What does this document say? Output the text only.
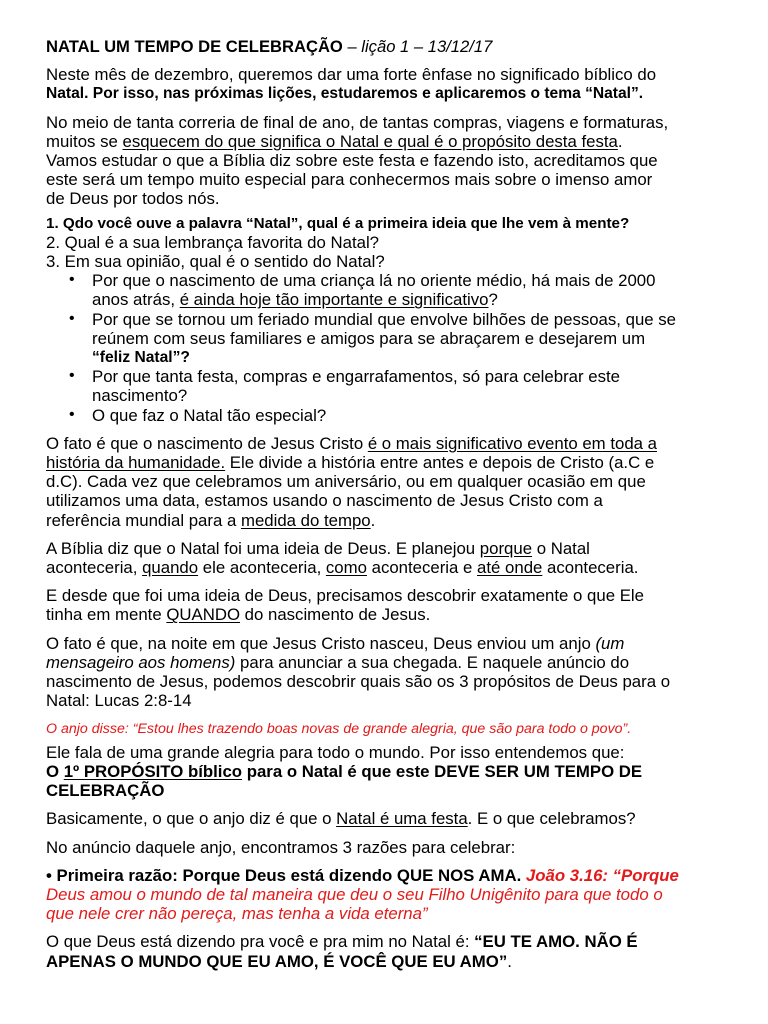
NATAL UM TEMPO DE CELEBRAÇÃO – lição 1 – 13/12/17
Neste mês de dezembro, queremos dar uma forte ênfase no significado bíblico do
Natal. Por isso, nas próximas lições, estudaremos e aplicaremos o tema “Natal”.
No meio de tanta correria de final de ano, de tantas compras, viagens e formaturas,
muitos se esquecem do que significa o Natal e qual é o propósito desta festa.
Vamos estudar o que a Bíblia diz sobre este festa e fazendo isto, acreditamos que
este será um tempo muito especial para conhecermos mais sobre o imenso amor
de Deus por todos nós.
1. Qdo você ouve a palavra “Natal”, qual é a primeira ideia que lhe vem à mente?
2. Qual é a sua lembrança favorita do Natal?
3. Em sua opinião, qual é o sentido do Natal?
• Por que o nascimento de uma criança lá no oriente médio, há mais de 2000
anos atrás, é ainda hoje tão importante e significativo?
• Por que se tornou um feriado mundial que envolve bilhões de pessoas, que se
reúnem com seus familiares e amigos para se abraçarem e desejarem um
“feliz Natal”?
• Por que tanta festa, compras e engarrafamentos, só para celebrar este
nascimento?
• O que faz o Natal tão especial?
O fato é que o nascimento de Jesus Cristo é o mais significativo evento em toda a
história da humanidade. Ele divide a história entre antes e depois de Cristo (a.C e
d.C). Cada vez que celebramos um aniversário, ou em qualquer ocasião em que
utilizamos uma data, estamos usando o nascimento de Jesus Cristo com a
referência mundial para a medida do tempo.
A Bíblia diz que o Natal foi uma ideia de Deus. E planejou porque o Natal
aconteceria, quando ele aconteceria, como aconteceria e até onde aconteceria.
E desde que foi uma ideia de Deus, precisamos descobrir exatamente o que Ele
tinha em mente QUANDO do nascimento de Jesus.
O fato é que, na noite em que Jesus Cristo nasceu, Deus enviou um anjo (um
mensageiro aos homens) para anunciar a sua chegada. E naquele anúncio do
nascimento de Jesus, podemos descobrir quais são os 3 propósitos de Deus para o
Natal: Lucas 2:8-14
O anjo disse: “Estou lhes trazendo boas novas de grande alegria, que são para todo o povo”.
Ele fala de uma grande alegria para todo o mundo. Por isso entendemos que:
O 1º PROPÓSITO bíblico para o Natal é que este DEVE SER UM TEMPO DE
CELEBRAÇÃO
Basicamente, o que o anjo diz é que o Natal é uma festa. E o que celebramos?
No anúncio daquele anjo, encontramos 3 razões para celebrar:
• Primeira razão: Porque Deus está dizendo QUE NOS AMA. João 3.16: “Porque
Deus amou o mundo de tal maneira que deu o seu Filho Unigênito para que todo o
que nele crer não pereça, mas tenha a vida eterna”
O que Deus está dizendo pra você e pra mim no Natal é: “EU TE AMO. NÃO É
APENAS O MUNDO QUE EU AMO, É VOCÊ QUE EU AMO”.
